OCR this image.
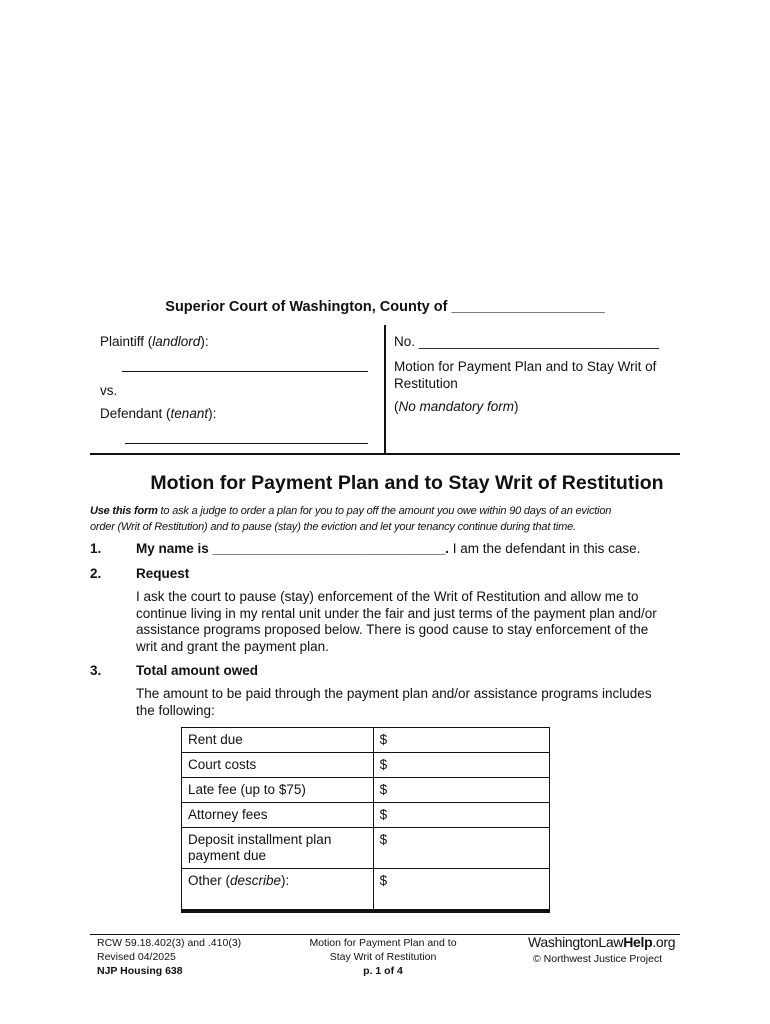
Superior Court of Washington, County of ___________________
Plaintiff (landlord):
vs.
Defendant (tenant):
No. ________________________________
Motion for Payment Plan and to Stay Writ of
Restitution
(No mandatory form)
Motion for Payment Plan and to Stay Writ of Restitution
Use this form to ask a judge to order a plan for you to pay off the amount you owe within 90 days of an eviction
order (Writ of Restitution) and to pause (stay) the eviction and let your tenancy continue during that time.
1.	My name is _______________________________. I am the defendant in this case.
2.	Request
I ask the court to pause (stay) enforcement of the Writ of Restitution and allow me to
continue living in my rental unit under the fair and just terms of the payment plan and/or
assistance programs proposed below. There is good cause to stay enforcement of the
writ and grant the payment plan.
3.	Total amount owed
The amount to be paid through the payment plan and/or assistance programs includes
the following:
Rent due	$
Court costs	$
Late fee (up to $75)	$
Attorney fees	$

Deposit installment plan
payment due	$
Other (describe):	$
RCW 59.18.402(3) and .410(3)
Revised 04/2025
NJP Housing 638
Motion for Payment Plan and to
Stay Writ of Restitution
p. 1 of 4
WashingtonLawHelp.org
© Northwest Justice Project
